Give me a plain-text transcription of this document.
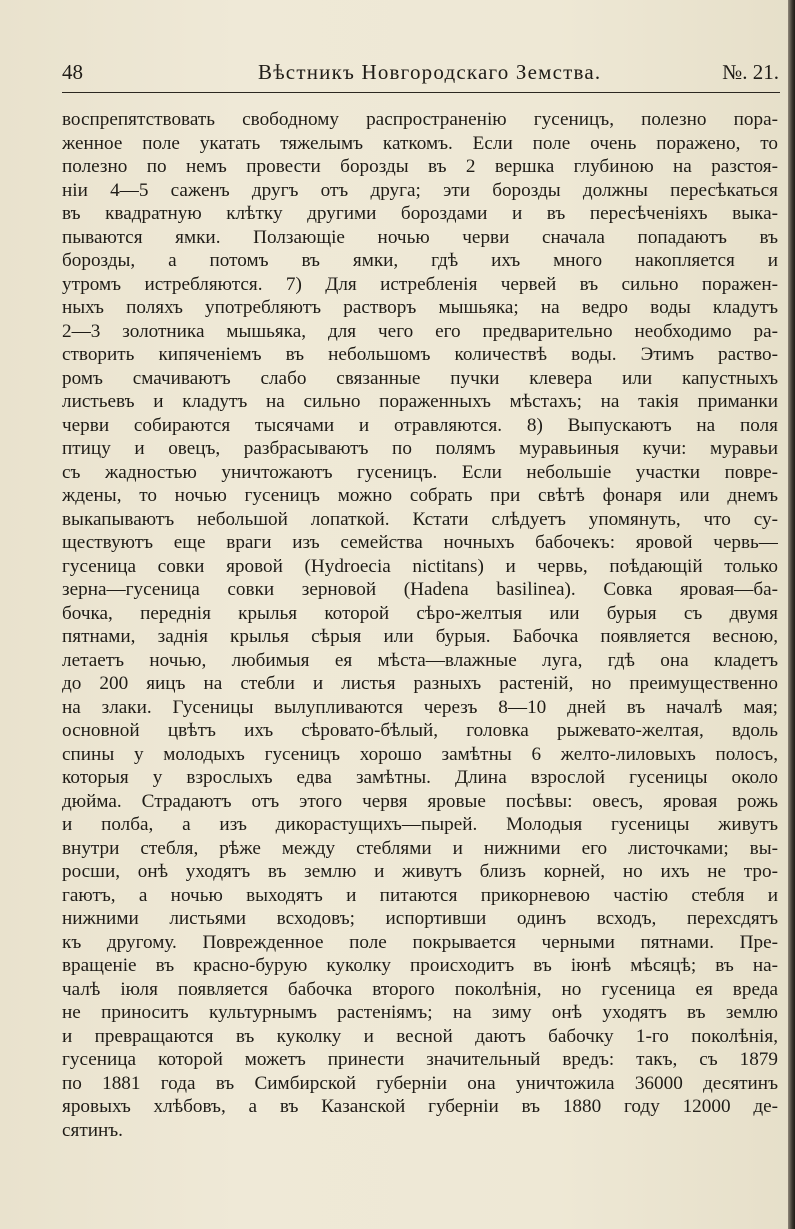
48	Вѣстникъ Новгородскаго Земства.	№. 21.
воспрепятствовать свободному распространенію гусеницъ, полезно пора-
женное поле укатать тяжелымъ каткомъ. Если поле очень поражено, то
полезно по немъ провести борозды въ 2 вершка глубиною на разстоя-
ніи 4—5 саженъ другъ отъ друга; эти борозды должны пересѣкаться
въ квадратную клѣтку другими бороздами и въ пересѣченіяхъ выка-
пываются ямки. Ползающіе ночью черви сначала попадаютъ въ
борозды, а потомъ въ ямки, гдѣ ихъ много накопляется и
утромъ истребляются. 7) Для истребленія червей въ сильно поражен-
ныхъ поляхъ употребляютъ растворъ мышьяка; на ведро воды кладутъ
2—3 золотника мышьяка, для чего его предварительно необходимо ра-
створить кипяченіемъ въ небольшомъ количествѣ воды. Этимъ раство-
ромъ смачиваютъ слабо связанные пучки клевера или капустныхъ
листьевъ и кладутъ на сильно пораженныхъ мѣстахъ; на такія приманки
черви собираются тысячами и отравляются. 8) Выпускаютъ на поля
птицу и овецъ, разбрасываютъ по полямъ муравьиныя кучи: муравьи
съ жадностью уничтожаютъ гусеницъ. Если небольшіе участки повре-
ждены, то ночью гусеницъ можно собрать при свѣтѣ фонаря или днемъ
выкапываютъ небольшой лопаткой. Кстати слѣдуетъ упомянуть, что су-
ществуютъ еще враги изъ семейства ночныхъ бабочекъ: яровой червь—
гусеница совки яровой (Hydroecia nictitans) и червь, поѣдающій только
зерна—гусеница совки зерновой (Hadena basilinea). Совка яровая—ба-
бочка, переднія крылья которой сѣро-желтыя или бурыя съ двумя
пятнами, заднія крылья сѣрыя или бурыя. Бабочка появляется весною,
летаетъ ночью, любимыя ея мѣста—влажные луга, гдѣ она кладетъ
до 200 яицъ на стебли и листья разныхъ растеній, но преимущественно
на злаки. Гусеницы вылупливаются черезъ 8—10 дней въ началѣ мая;
основной цвѣтъ ихъ сѣровато-бѣлый, головка рыжевато-желтая, вдоль
спины у молодыхъ гусеницъ хорошо замѣтны 6 желто-лиловыхъ полосъ,
которыя у взрослыхъ едва замѣтны. Длина взрослой гусеницы около
дюйма. Страдаютъ отъ этого червя яровые посѣвы: овесъ, яровая рожь
и полба, а изъ дикорастущихъ—пырей. Молодыя гусеницы живутъ
внутри стебля, рѣже между стеблями и нижними его листочками; вы-
росши, онѣ уходятъ въ землю и живутъ близъ корней, но ихъ не тро-
гаютъ, а ночью выходятъ и питаются прикорневою частію стебля и
нижними листьями всходовъ; испортивши одинъ всходъ, перехсдятъ
къ другому. Поврежденное поле покрывается черными пятнами. Пре-
вращеніе въ красно-бурую куколку происходитъ въ іюнѣ мѣсяцѣ; въ на-
чалѣ іюля появляется бабочка второго поколѣнія, но гусеница ея вреда
не приноситъ культурнымъ растеніямъ; на зиму онѣ уходятъ въ землю
и превращаются въ куколку и весной даютъ бабочку 1-го поколѣнія,
гусеница которой можетъ принести значительный вредъ: такъ, съ 1879
по 1881 года въ Симбирской губерніи она уничтожила 36000 десятинъ
яровыхъ хлѣбовъ, а въ Казанской губерніи въ 1880 году 12000 де-
сятинъ.
